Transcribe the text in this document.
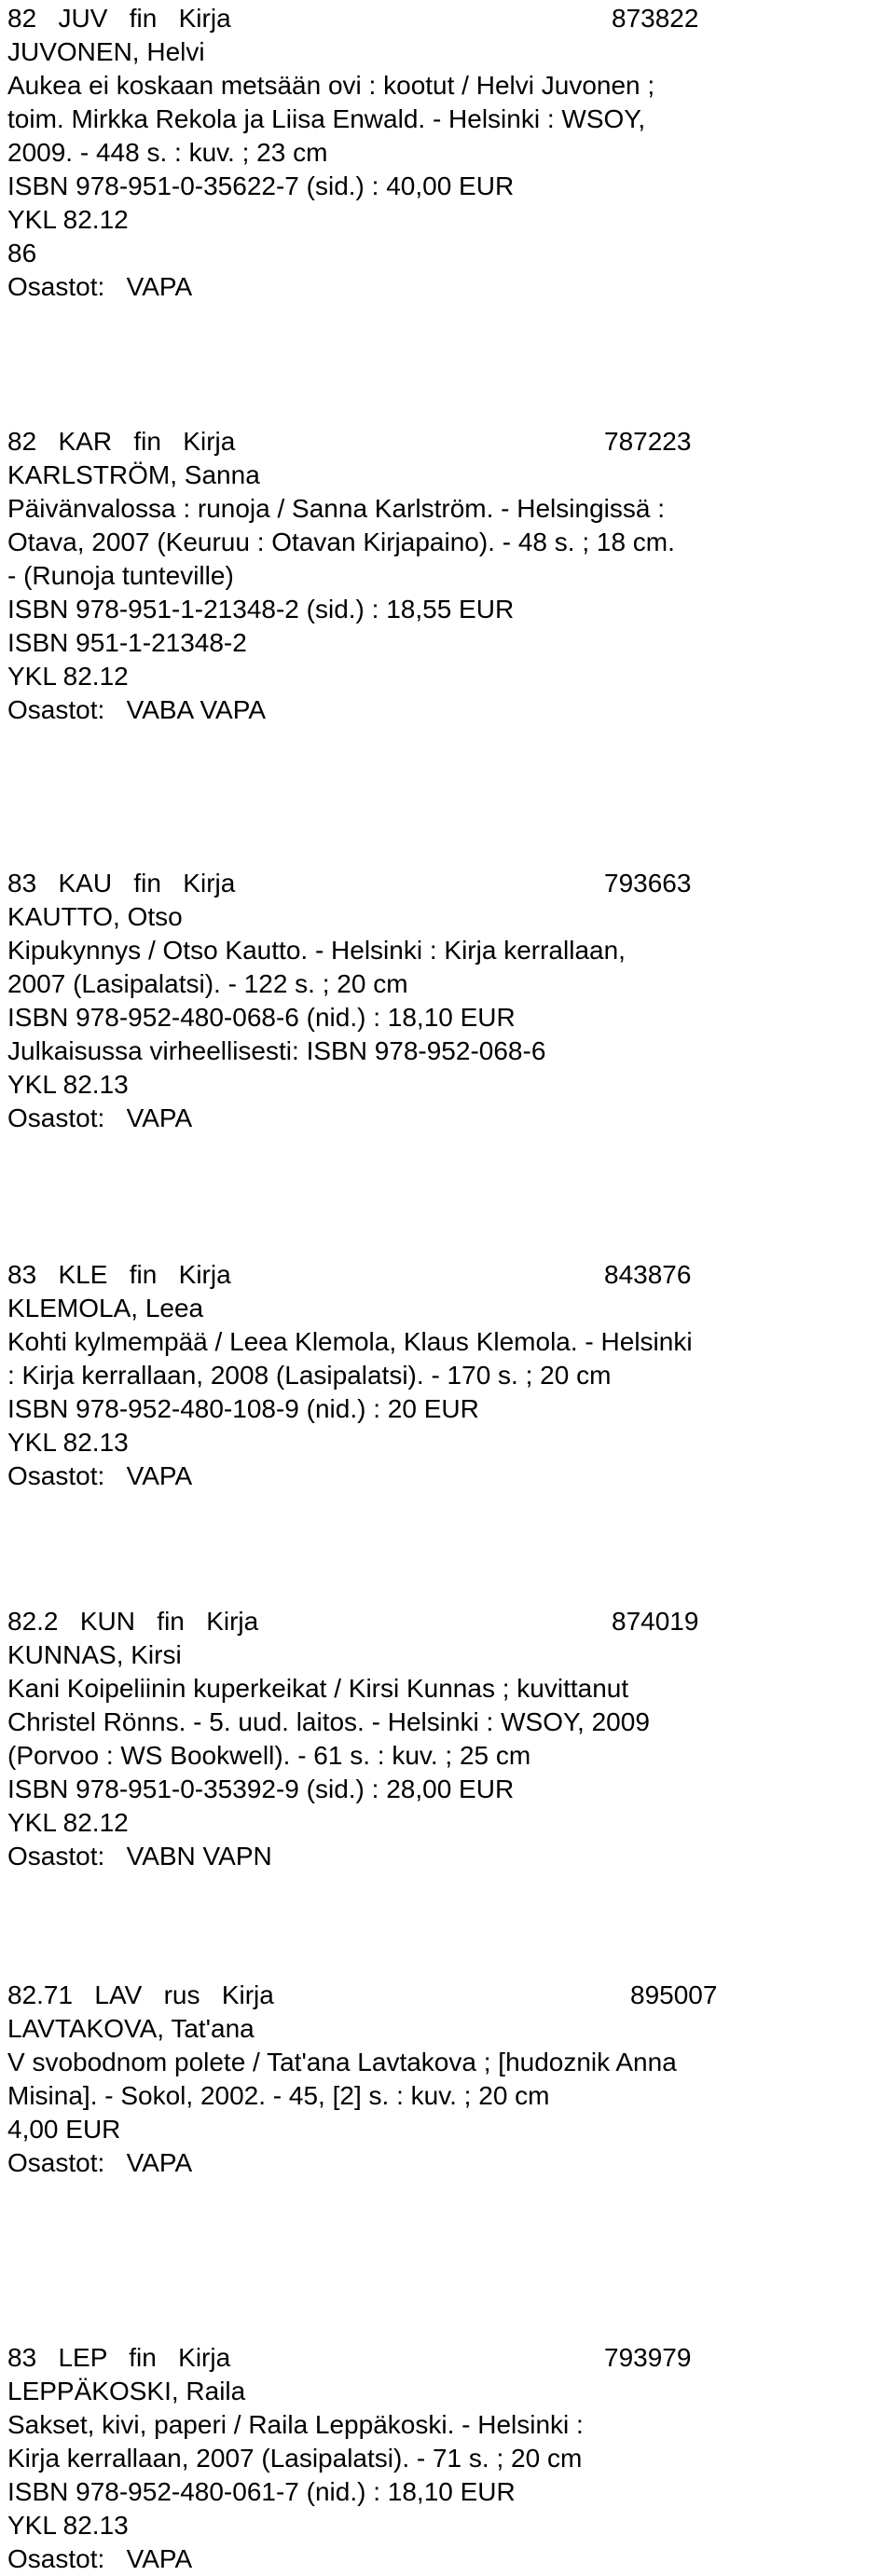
82   JUV   fin   Kirja	873822
JUVONEN, Helvi
Aukea ei koskaan metsään ovi : kootut / Helvi Juvonen ;
toim. Mirkka Rekola ja Liisa Enwald. - Helsinki : WSOY,
2009. - 448 s. : kuv. ; 23 cm
ISBN 978-951-0-35622-7 (sid.) : 40,00 EUR
YKL 82.12
86
Osastot:   VAPA
82   KAR   fin   Kirja	787223
KARLSTRÖM, Sanna
Päivänvalossa : runoja / Sanna Karlström. - Helsingissä :
Otava, 2007 (Keuruu : Otavan Kirjapaino). - 48 s. ; 18 cm.
- (Runoja tunteville)
ISBN 978-951-1-21348-2 (sid.) : 18,55 EUR
ISBN 951-1-21348-2
YKL 82.12
Osastot:   VABA VAPA
83   KAU   fin   Kirja	793663
KAUTTO, Otso
Kipukynnys / Otso Kautto. - Helsinki : Kirja kerrallaan,
2007 (Lasipalatsi). - 122 s. ; 20 cm
ISBN 978-952-480-068-6 (nid.) : 18,10 EUR
Julkaisussa virheellisesti: ISBN 978-952-068-6
YKL 82.13
Osastot:   VAPA
83   KLE   fin   Kirja	843876
KLEMOLA, Leea
Kohti kylmempää / Leea Klemola, Klaus Klemola. - Helsinki
: Kirja kerrallaan, 2008 (Lasipalatsi). - 170 s. ; 20 cm
ISBN 978-952-480-108-9 (nid.) : 20 EUR
YKL 82.13
Osastot:   VAPA
82.2   KUN   fin   Kirja	874019
KUNNAS, Kirsi
Kani Koipeliinin kuperkeikat / Kirsi Kunnas ; kuvittanut
Christel Rönns. - 5. uud. laitos. - Helsinki : WSOY, 2009
(Porvoo : WS Bookwell). - 61 s. : kuv. ; 25 cm
ISBN 978-951-0-35392-9 (sid.) : 28,00 EUR
YKL 82.12
Osastot:   VABN VAPN
82.71   LAV   rus   Kirja	895007
LAVTAKOVA, Tat'ana
V svobodnom polete / Tat'ana Lavtakova ; [hudoznik Anna
Misina]. - Sokol, 2002. - 45, [2] s. : kuv. ; 20 cm
4,00 EUR
Osastot:   VAPA
83   LEP   fin   Kirja	793979
LEPPÄKOSKI, Raila
Sakset, kivi, paperi / Raila Leppäkoski. - Helsinki :
Kirja kerrallaan, 2007 (Lasipalatsi). - 71 s. ; 20 cm
ISBN 978-952-480-061-7 (nid.) : 18,10 EUR
YKL 82.13
Osastot:   VAPA
